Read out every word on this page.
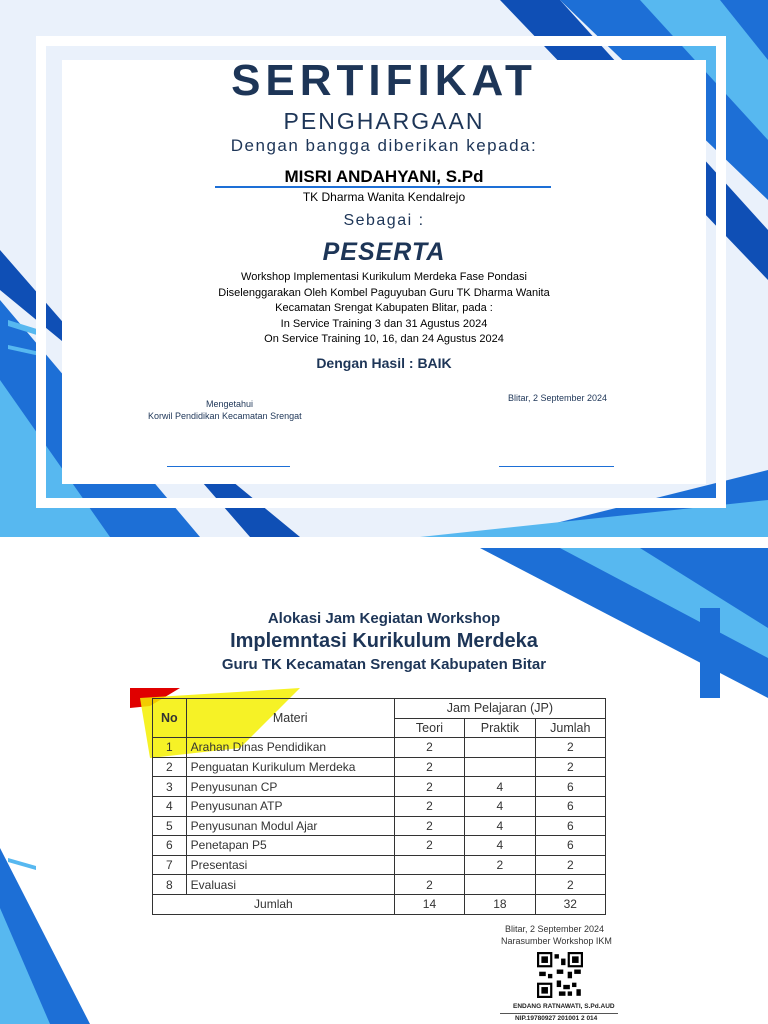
SERTIFIKAT
PENGHARGAAN
Dengan bangga diberikan kepada:
MISRI ANDAHYANI, S.Pd
TK Dharma Wanita Kendalrejo
Sebagai :
PESERTA
Workshop Implementasi Kurikulum Merdeka Fase Pondasi
Diselenggarakan Oleh Kombel Paguyuban Guru TK Dharma Wanita
Kecamatan Srengat Kabupaten Blitar, pada :
In Service Training 3 dan 31 Agustus 2024
On Service Training 10, 16, dan 24 Agustus 2024
Dengan Hasil : BAIK
Mengetahui
Korwil Pendidikan Kecamatan Srengat
Blitar, 2 September 2024
Alokasi Jam Kegiatan Workshop
Implemntasi Kurikulum Merdeka
Guru TK Kecamatan Srengat Kabupaten Bitar
No	Materi	Jam Pelajaran (JP)		
		Teori	Praktik	Jumlah
1	Arahan Dinas Pendidikan	2		2
2	Penguatan Kurikulum Merdeka	2		2
3	Penyusunan CP	2	4	6
4	Penyusunan ATP	2	4	6
5	Penyusunan Modul Ajar	2	4	6
6	Penetapan P5	2	4	6
7	Presentasi		2	2
8	Evaluasi	2		2
Jumlah		14	18	32
Blitar, 2 September 2024
Narasumber Workshop IKM
ENDANG RATNAWATI, S.Pd.AUD
NIP.19780927 201001 2 014
